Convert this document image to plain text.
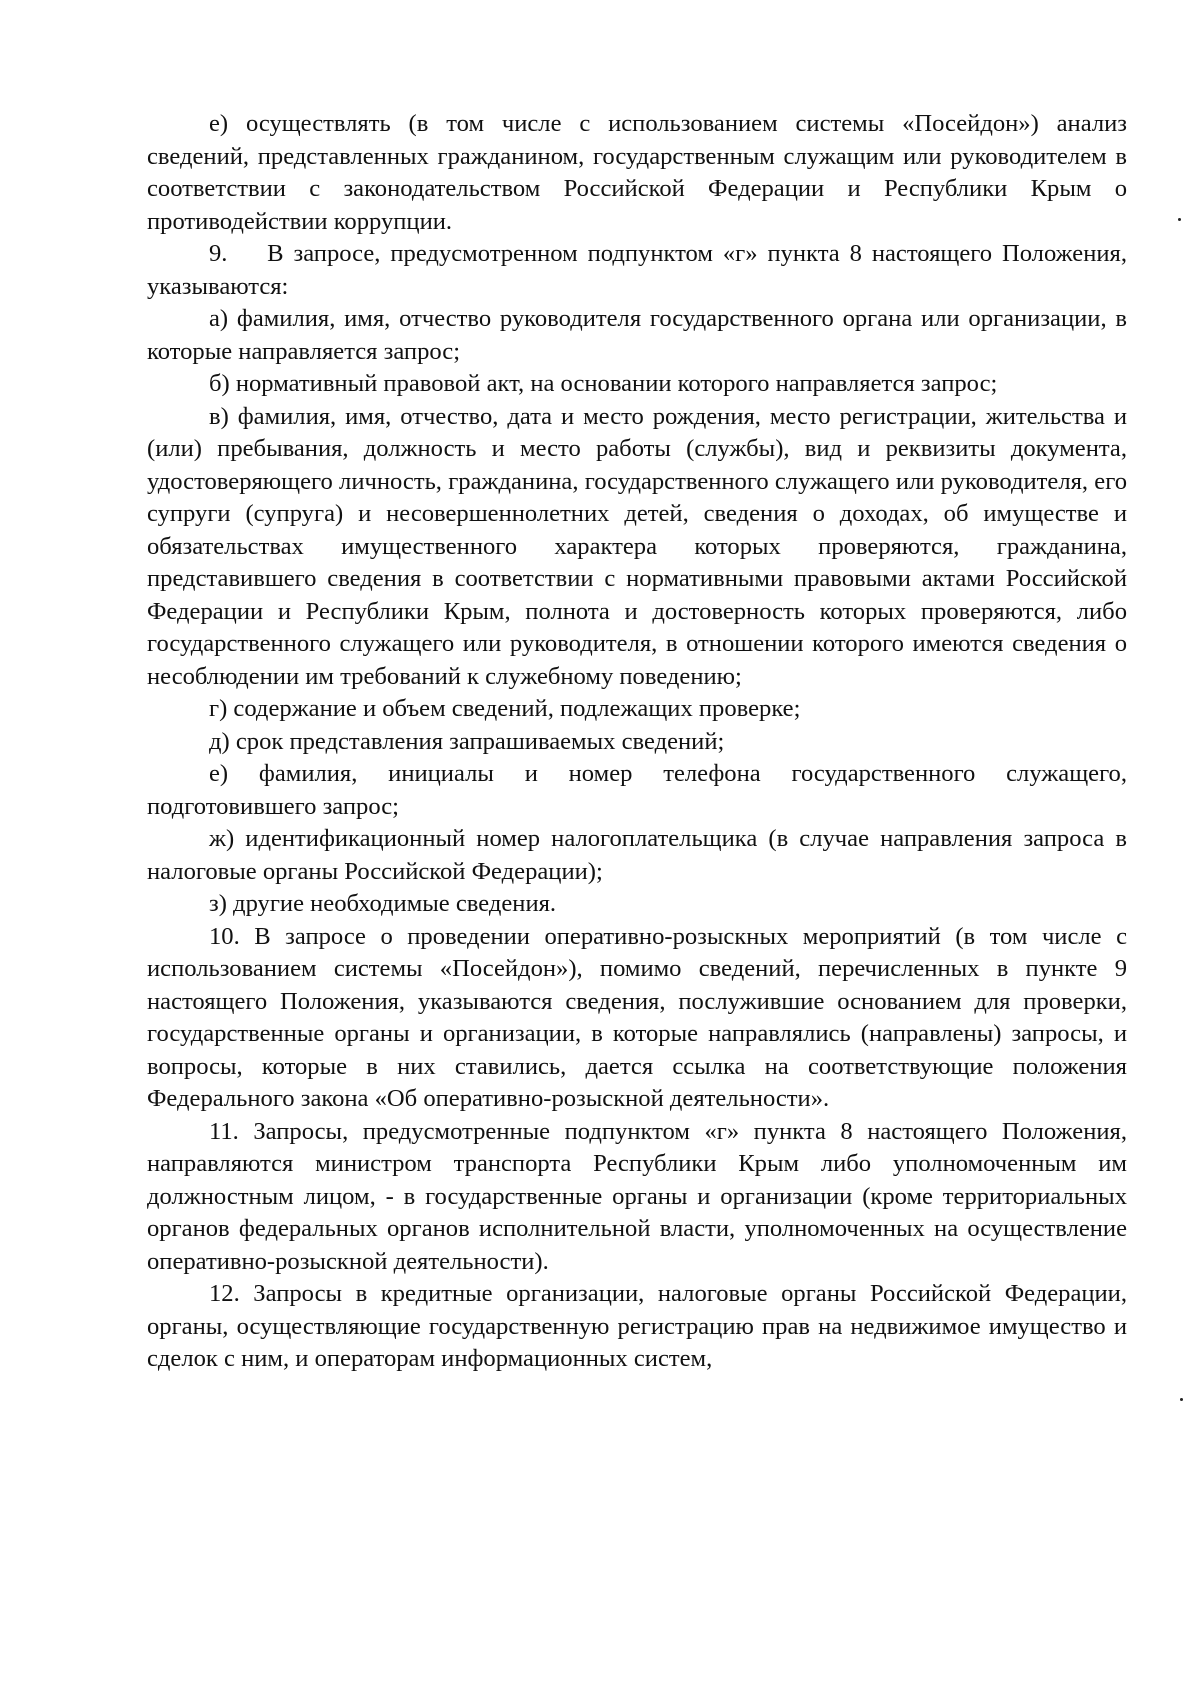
е) осуществлять (в том числе с использованием системы «Посейдон») анализ сведений, представленных гражданином, государственным служащим или руководителем в соответствии с законодательством Российской Федерации и Республики Крым о противодействии коррупции.

9.    В запросе, предусмотренном подпунктом «г» пункта 8 настоящего Положения, указываются:

а) фамилия, имя, отчество руководителя государственного органа или организации, в которые направляется запрос;

б) нормативный правовой акт, на основании которого направляется запрос;

в) фамилия, имя, отчество, дата и место рождения, место регистрации, жительства и (или) пребывания, должность и место работы (службы), вид и реквизиты документа, удостоверяющего личность, гражданина, государственного служащего или руководителя, его супруги (супруга) и несовершеннолетних детей, сведения о доходах, об имуществе и обязательствах имущественного характера которых проверяются, гражданина, представившего сведения в соответствии с нормативными правовыми актами Российской Федерации и Республики Крым, полнота и достоверность которых проверяются, либо государственного служащего или руководителя, в отношении которого имеются сведения о несоблюдении им требований к служебному поведению;

г) содержание и объем сведений, подлежащих проверке;

д) срок представления запрашиваемых сведений;

е) фамилия, инициалы и номер телефона государственного служащего, подготовившего запрос;

ж) идентификационный номер налогоплательщика (в случае направления запроса в налоговые органы Российской Федерации);

з) другие необходимые сведения.

10. В запросе о проведении оперативно-розыскных мероприятий (в том числе с использованием системы «Посейдон»), помимо сведений, перечисленных в пункте 9 настоящего Положения, указываются сведения, послужившие основанием для проверки, государственные органы и организации, в которые направлялись (направлены) запросы, и вопросы, которые в них ставились, дается ссылка на соответствующие положения Федерального закона «Об оперативно-розыскной деятельности».

11. Запросы, предусмотренные подпунктом «г» пункта 8 настоящего Положения, направляются министром транспорта Республики Крым либо уполномоченным им должностным лицом, - в государственные органы и организации (кроме территориальных органов федеральных органов исполнительной власти, уполномоченных на осуществление оперативно-розыскной деятельности).

12. Запросы в кредитные организации, налоговые органы Российской Федерации, органы, осуществляющие государственную регистрацию прав на недвижимое имущество и сделок с ним, и операторам информационных систем,
